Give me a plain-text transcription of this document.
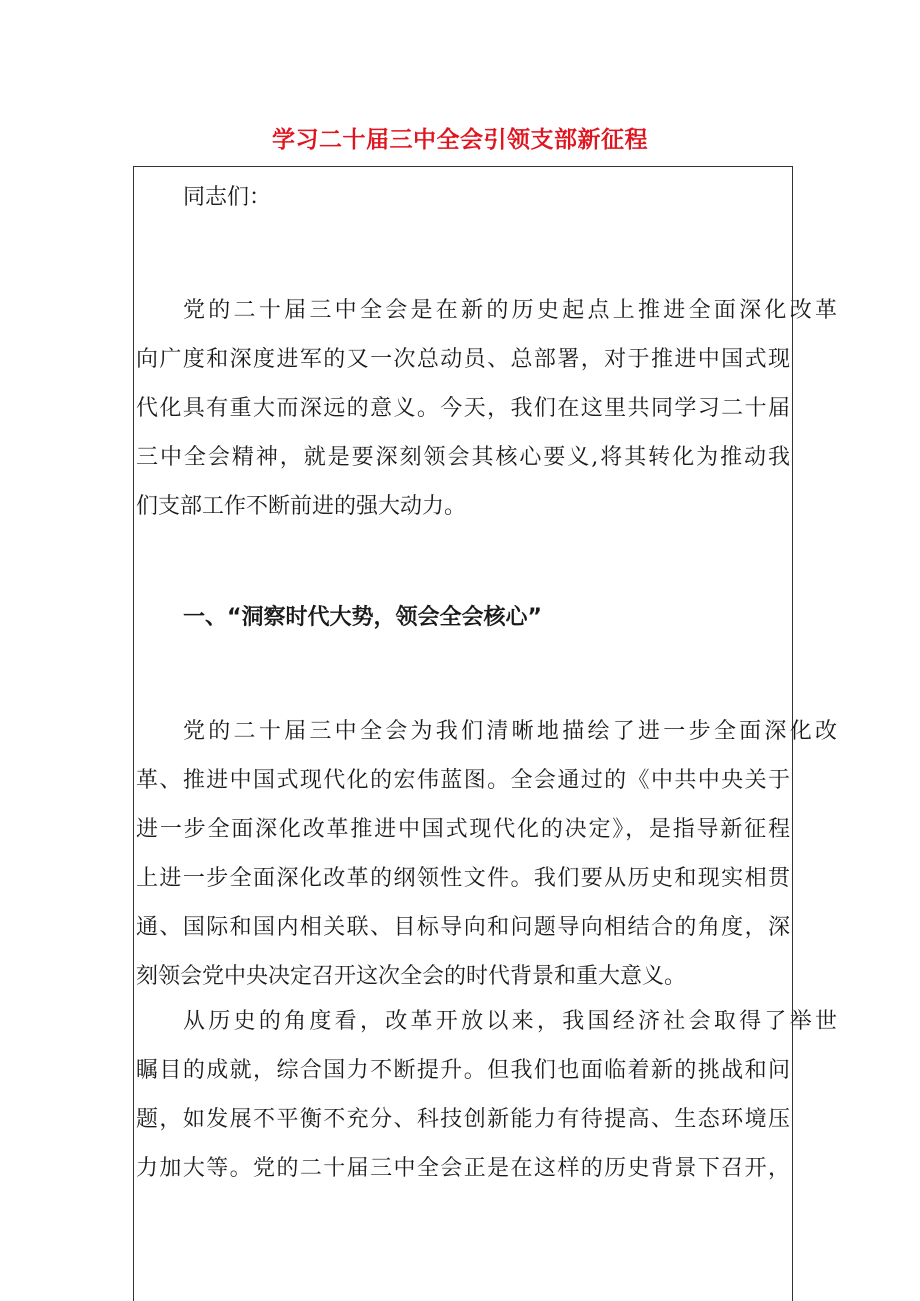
学习二十届三中全会引领支部新征程
同志们：
党的二十届三中全会是在新的历史起点上推进全面深化改革
向广度和深度进军的又一次总动员、总部署，对于推进中国式现
代化具有重大而深远的意义。今天，我们在这里共同学习二十届
三中全会精神，就是要深刻领会其核心要义,将其转化为推动我
们支部工作不断前进的强大动力。
一、“洞察时代大势，领会全会核心”
党的二十届三中全会为我们清晰地描绘了进一步全面深化改
革、推进中国式现代化的宏伟蓝图。全会通过的《中共中央关于
进一步全面深化改革推进中国式现代化的决定》，是指导新征程
上进一步全面深化改革的纲领性文件。我们要从历史和现实相贯
通、国际和国内相关联、目标导向和问题导向相结合的角度，深
刻领会党中央决定召开这次全会的时代背景和重大意义。
从历史的角度看，改革开放以来，我国经济社会取得了举世
瞩目的成就，综合国力不断提升。但我们也面临着新的挑战和问
题，如发展不平衡不充分、科技创新能力有待提高、生态环境压
力加大等。党的二十届三中全会正是在这样的历史背景下召开，
